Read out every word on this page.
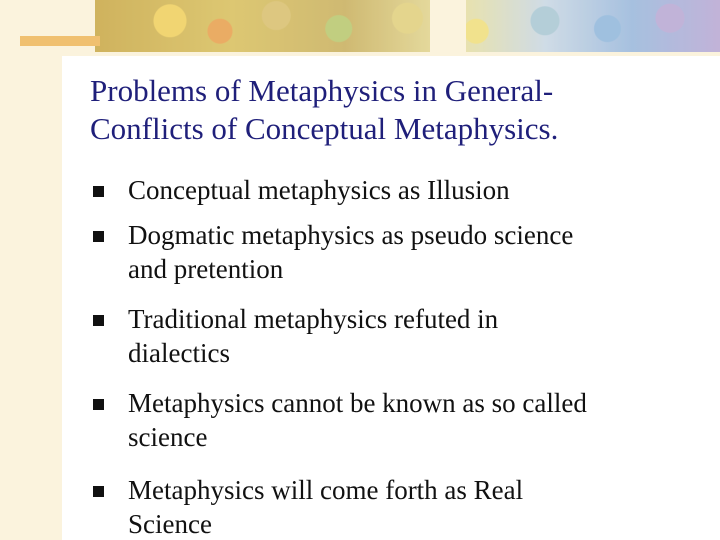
Problems of Metaphysics in General-
Conflicts of Conceptual Metaphysics.

Conceptual metaphysics as Illusion

Dogmatic metaphysics as pseudo science
and pretention

Traditional metaphysics refuted in
dialectics

Metaphysics cannot be known as so called
science

Metaphysics will come forth as Real
Science
